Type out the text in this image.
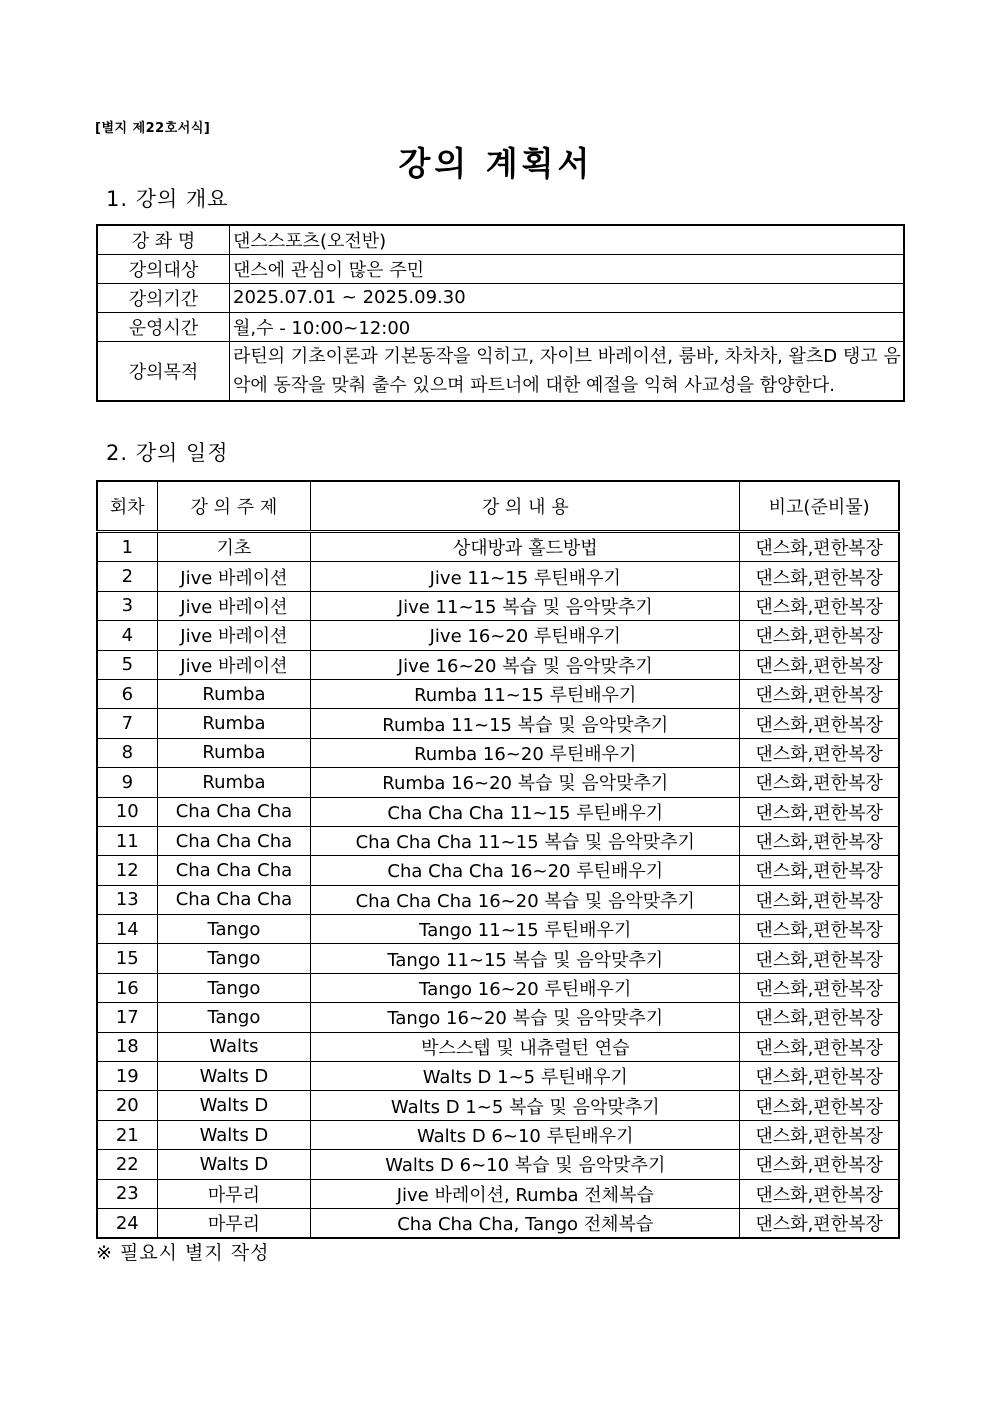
[별지 제22호서식]
강의 계획서
1. 강의 개요
강 좌 명	댄스스포츠(오전반)
강의대상	댄스에 관심이 많은 주민
강의기간	2025.07.01 ~ 2025.09.30
운영시간	월,수 - 10:00~12:00
강의목적	라틴의 기초이론과 기본동작을 익히고, 자이브 바레이션, 룸바, 차차차, 왈츠D 탱고 음악에 동작을 맞춰 출수 있으며 파트너에 대한 예절을 익혀 사교성을 함양한다.
2. 강의 일정
회차	강 의 주 제	강 의 내 용	비고(준비물)
1	기초	상대방과 홀드방법	댄스화,편한복장
2	Jive 바레이션	Jive 11~15 루틴배우기	댄스화,편한복장
3	Jive 바레이션	Jive 11~15 복습 및 음악맞추기	댄스화,편한복장
4	Jive 바레이션	Jive 16~20 루틴배우기	댄스화,편한복장
5	Jive 바레이션	Jive 16~20 복습 및 음악맞추기	댄스화,편한복장
6	Rumba	Rumba 11~15 루틴배우기	댄스화,편한복장
7	Rumba	Rumba 11~15 복습 및 음악맞추기	댄스화,편한복장
8	Rumba	Rumba 16~20 루틴배우기	댄스화,편한복장
9	Rumba	Rumba 16~20 복습 및 음악맞추기	댄스화,편한복장
10	Cha Cha Cha	Cha Cha Cha 11~15 루틴배우기	댄스화,편한복장
11	Cha Cha Cha	Cha Cha Cha 11~15 복습 및 음악맞추기	댄스화,편한복장
12	Cha Cha Cha	Cha Cha Cha 16~20 루틴배우기	댄스화,편한복장
13	Cha Cha Cha	Cha Cha Cha 16~20 복습 및 음악맞추기	댄스화,편한복장
14	Tango	Tango 11~15 루틴배우기	댄스화,편한복장
15	Tango	Tango 11~15 복습 및 음악맞추기	댄스화,편한복장
16	Tango	Tango 16~20 루틴배우기	댄스화,편한복장
17	Tango	Tango 16~20 복습 및 음악맞추기	댄스화,편한복장
18	Walts	박스스텝 및 내츄럴턴 연습	댄스화,편한복장
19	Walts D	Walts D 1~5 루틴배우기	댄스화,편한복장
20	Walts D	Walts D 1~5 복습 및 음악맞추기	댄스화,편한복장
21	Walts D	Walts D 6~10 루틴배우기	댄스화,편한복장
22	Walts D	Walts D 6~10 복습 및 음악맞추기	댄스화,편한복장
23	마무리	Jive 바레이션, Rumba 전체복습	댄스화,편한복장
24	마무리	Cha Cha Cha, Tango 전체복습	댄스화,편한복장
※ 필요시 별지 작성
